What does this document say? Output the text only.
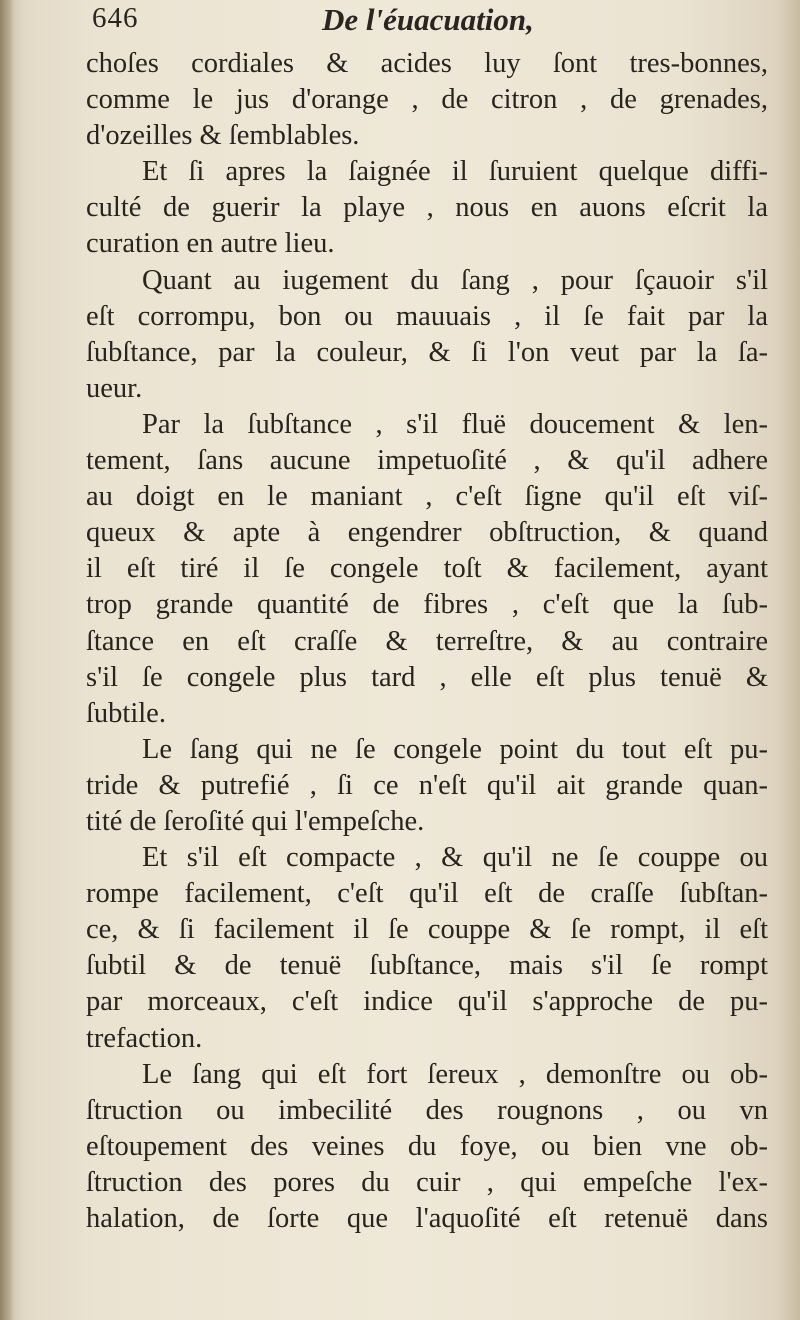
646	De l'éuacuation,
choſes cordiales & acides luy ſont tres-bonnes,
comme le jus d'orange , de citron , de grenades,
d'ozeilles & ſemblables.
Et ſi apres la ſaignée il ſuruient quelque diffi-
culté de guerir la playe , nous en auons eſcrit la
curation en autre lieu.
Quant au iugement du ſang , pour ſçauoir s'il
eſt corrompu, bon ou mauuais , il ſe fait par la
ſubſtance, par la couleur, & ſi l'on veut par la ſa-
ueur.
Par la ſubſtance , s'il fluë doucement & len-
tement, ſans aucune impetuoſité , & qu'il adhere
au doigt en le maniant , c'eſt ſigne qu'il eſt viſ-
queux & apte à engendrer obſtruction, & quand
il eſt tiré il ſe congele toſt & facilement, ayant
trop grande quantité de fibres , c'eſt que la ſub-
ſtance en eſt craſſe & terreſtre, & au contraire
s'il ſe congele plus tard , elle eſt plus tenuë &
ſubtile.
Le ſang qui ne ſe congele point du tout eſt pu-
tride & putrefié , ſi ce n'eſt qu'il ait grande quan-
tité de ſeroſité qui l'empeſche.
Et s'il eſt compacte , & qu'il ne ſe couppe ou
rompe facilement, c'eſt qu'il eſt de craſſe ſubſtan-
ce, & ſi facilement il ſe couppe & ſe rompt, il eſt
ſubtil & de tenuë ſubſtance, mais s'il ſe rompt
par morceaux, c'eſt indice qu'il s'approche de pu-
trefaction.
Le ſang qui eſt fort ſereux , demonſtre ou ob-
ſtruction ou imbecilité des rougnons , ou vn
eſtoupement des veines du foye, ou bien vne ob-
ſtruction des pores du cuir , qui empeſche l'ex-
halation, de ſorte que l'aquoſité eſt retenuë dans
